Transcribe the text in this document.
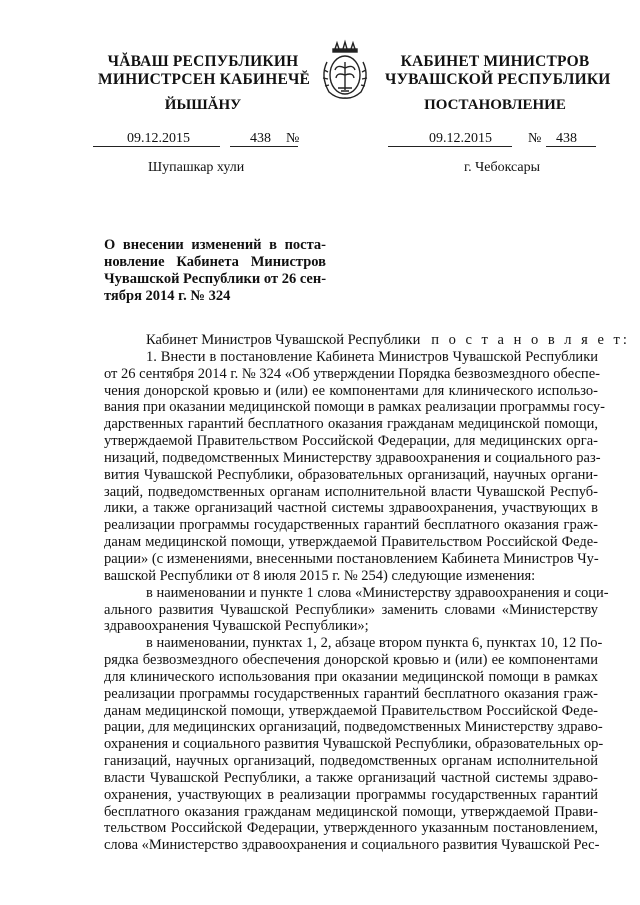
ЧĂВАШ РЕСПУБЛИКИН
МИНИСТРСЕН КАБИНЕЧĔ
ЙЫШĂНУ
КАБИНЕТ МИНИСТРОВ
ЧУВАШСКОЙ РЕСПУБЛИКИ
ПОСТАНОВЛЕНИЕ
09.12.2015	438 №	09.12.2015	№ 438
Шупашкар хули	г. Чебоксары
О внесении изменений в поста-
новление Кабинета Министров
Чувашской Республики от 26 сен-
тября 2014 г. № 324
Кабинет Министров Чувашской Республики п о с т а н о в л я е т:
1. Внести в постановление Кабинета Министров Чувашской Республики
от 26 сентября 2014 г. № 324 «Об утверждении Порядка безвозмездного обеспе-
чения донорской кровью и (или) ее компонентами для клинического использо-
вания при оказании медицинской помощи в рамках реализации программы госу-
дарственных гарантий бесплатного оказания гражданам медицинской помощи,
утверждаемой Правительством Российской Федерации, для медицинских орга-
низаций, подведомственных Министерству здравоохранения и социального раз-
вития Чувашской Республики, образовательных организаций, научных органи-
заций, подведомственных органам исполнительной власти Чувашской Респуб-
лики, а также организаций частной системы здравоохранения, участвующих в
реализации программы государственных гарантий бесплатного оказания граж-
данам медицинской помощи, утверждаемой Правительством Российской Феде-
рации» (с изменениями, внесенными постановлением Кабинета Министров Чу-
вашской Республики от 8 июля 2015 г. № 254) следующие изменения:
в наименовании и пункте 1 слова «Министерству здравоохранения и соци-
ального развития Чувашской Республики» заменить словами «Министерству
здравоохранения Чувашской Республики»;
в наименовании, пунктах 1, 2, абзаце втором пункта 6, пунктах 10, 12 По-
рядка безвозмездного обеспечения донорской кровью и (или) ее компонентами
для клинического использования при оказании медицинской помощи в рамках
реализации программы государственных гарантий бесплатного оказания граж-
данам медицинской помощи, утверждаемой Правительством Российской Феде-
рации, для медицинских организаций, подведомственных Министерству здраво-
охранения и социального развития Чувашской Республики, образовательных ор-
ганизаций, научных организаций, подведомственных органам исполнительной
власти Чувашской Республики, а также организаций частной системы здраво-
охранения, участвующих в реализации программы государственных гарантий
бесплатного оказания гражданам медицинской помощи, утверждаемой Прави-
тельством Российской Федерации, утвержденного указанным постановлением,
слова «Министерство здравоохранения и социального развития Чувашской Рес-
